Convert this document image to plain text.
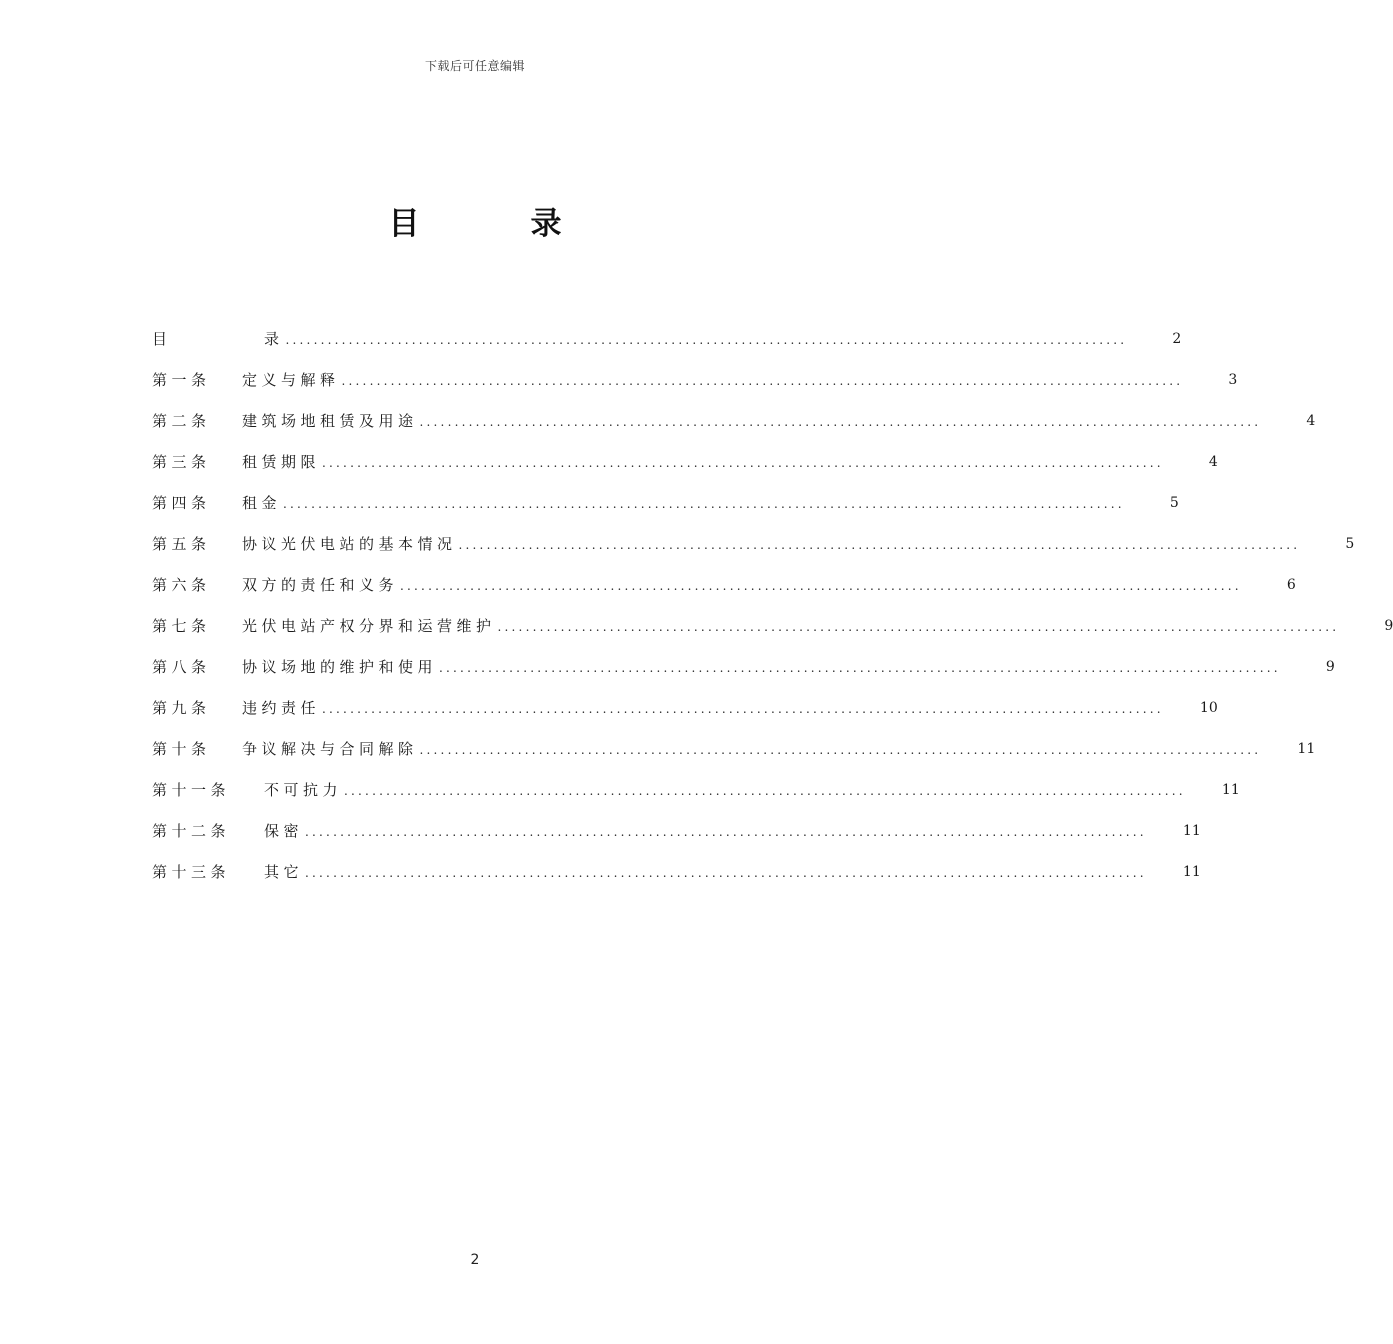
下载后可任意编辑
目　录
目	录 ........................................................................................................................	2
第一条 定义与解释 ........................................................................................................................	3
第二条 建筑场地租赁及用途 ........................................................................................................................	4
第三条 租赁期限 ........................................................................................................................	4
第四条 租金 ........................................................................................................................	5
第五条 协议光伏电站的基本情况 ........................................................................................................................	5
第六条 双方的责任和义务 ........................................................................................................................	6
第七条 光伏电站产权分界和运营维护 ........................................................................................................................	9
第八条 协议场地的维护和使用 ........................................................................................................................	9
第九条 违约责任 ........................................................................................................................	10
第十条 争议解决与合同解除 ........................................................................................................................	11
第十一条 不可抗力 ........................................................................................................................	11
第十二条 保密 ........................................................................................................................	11
第十三条 其它 ........................................................................................................................	11
2
